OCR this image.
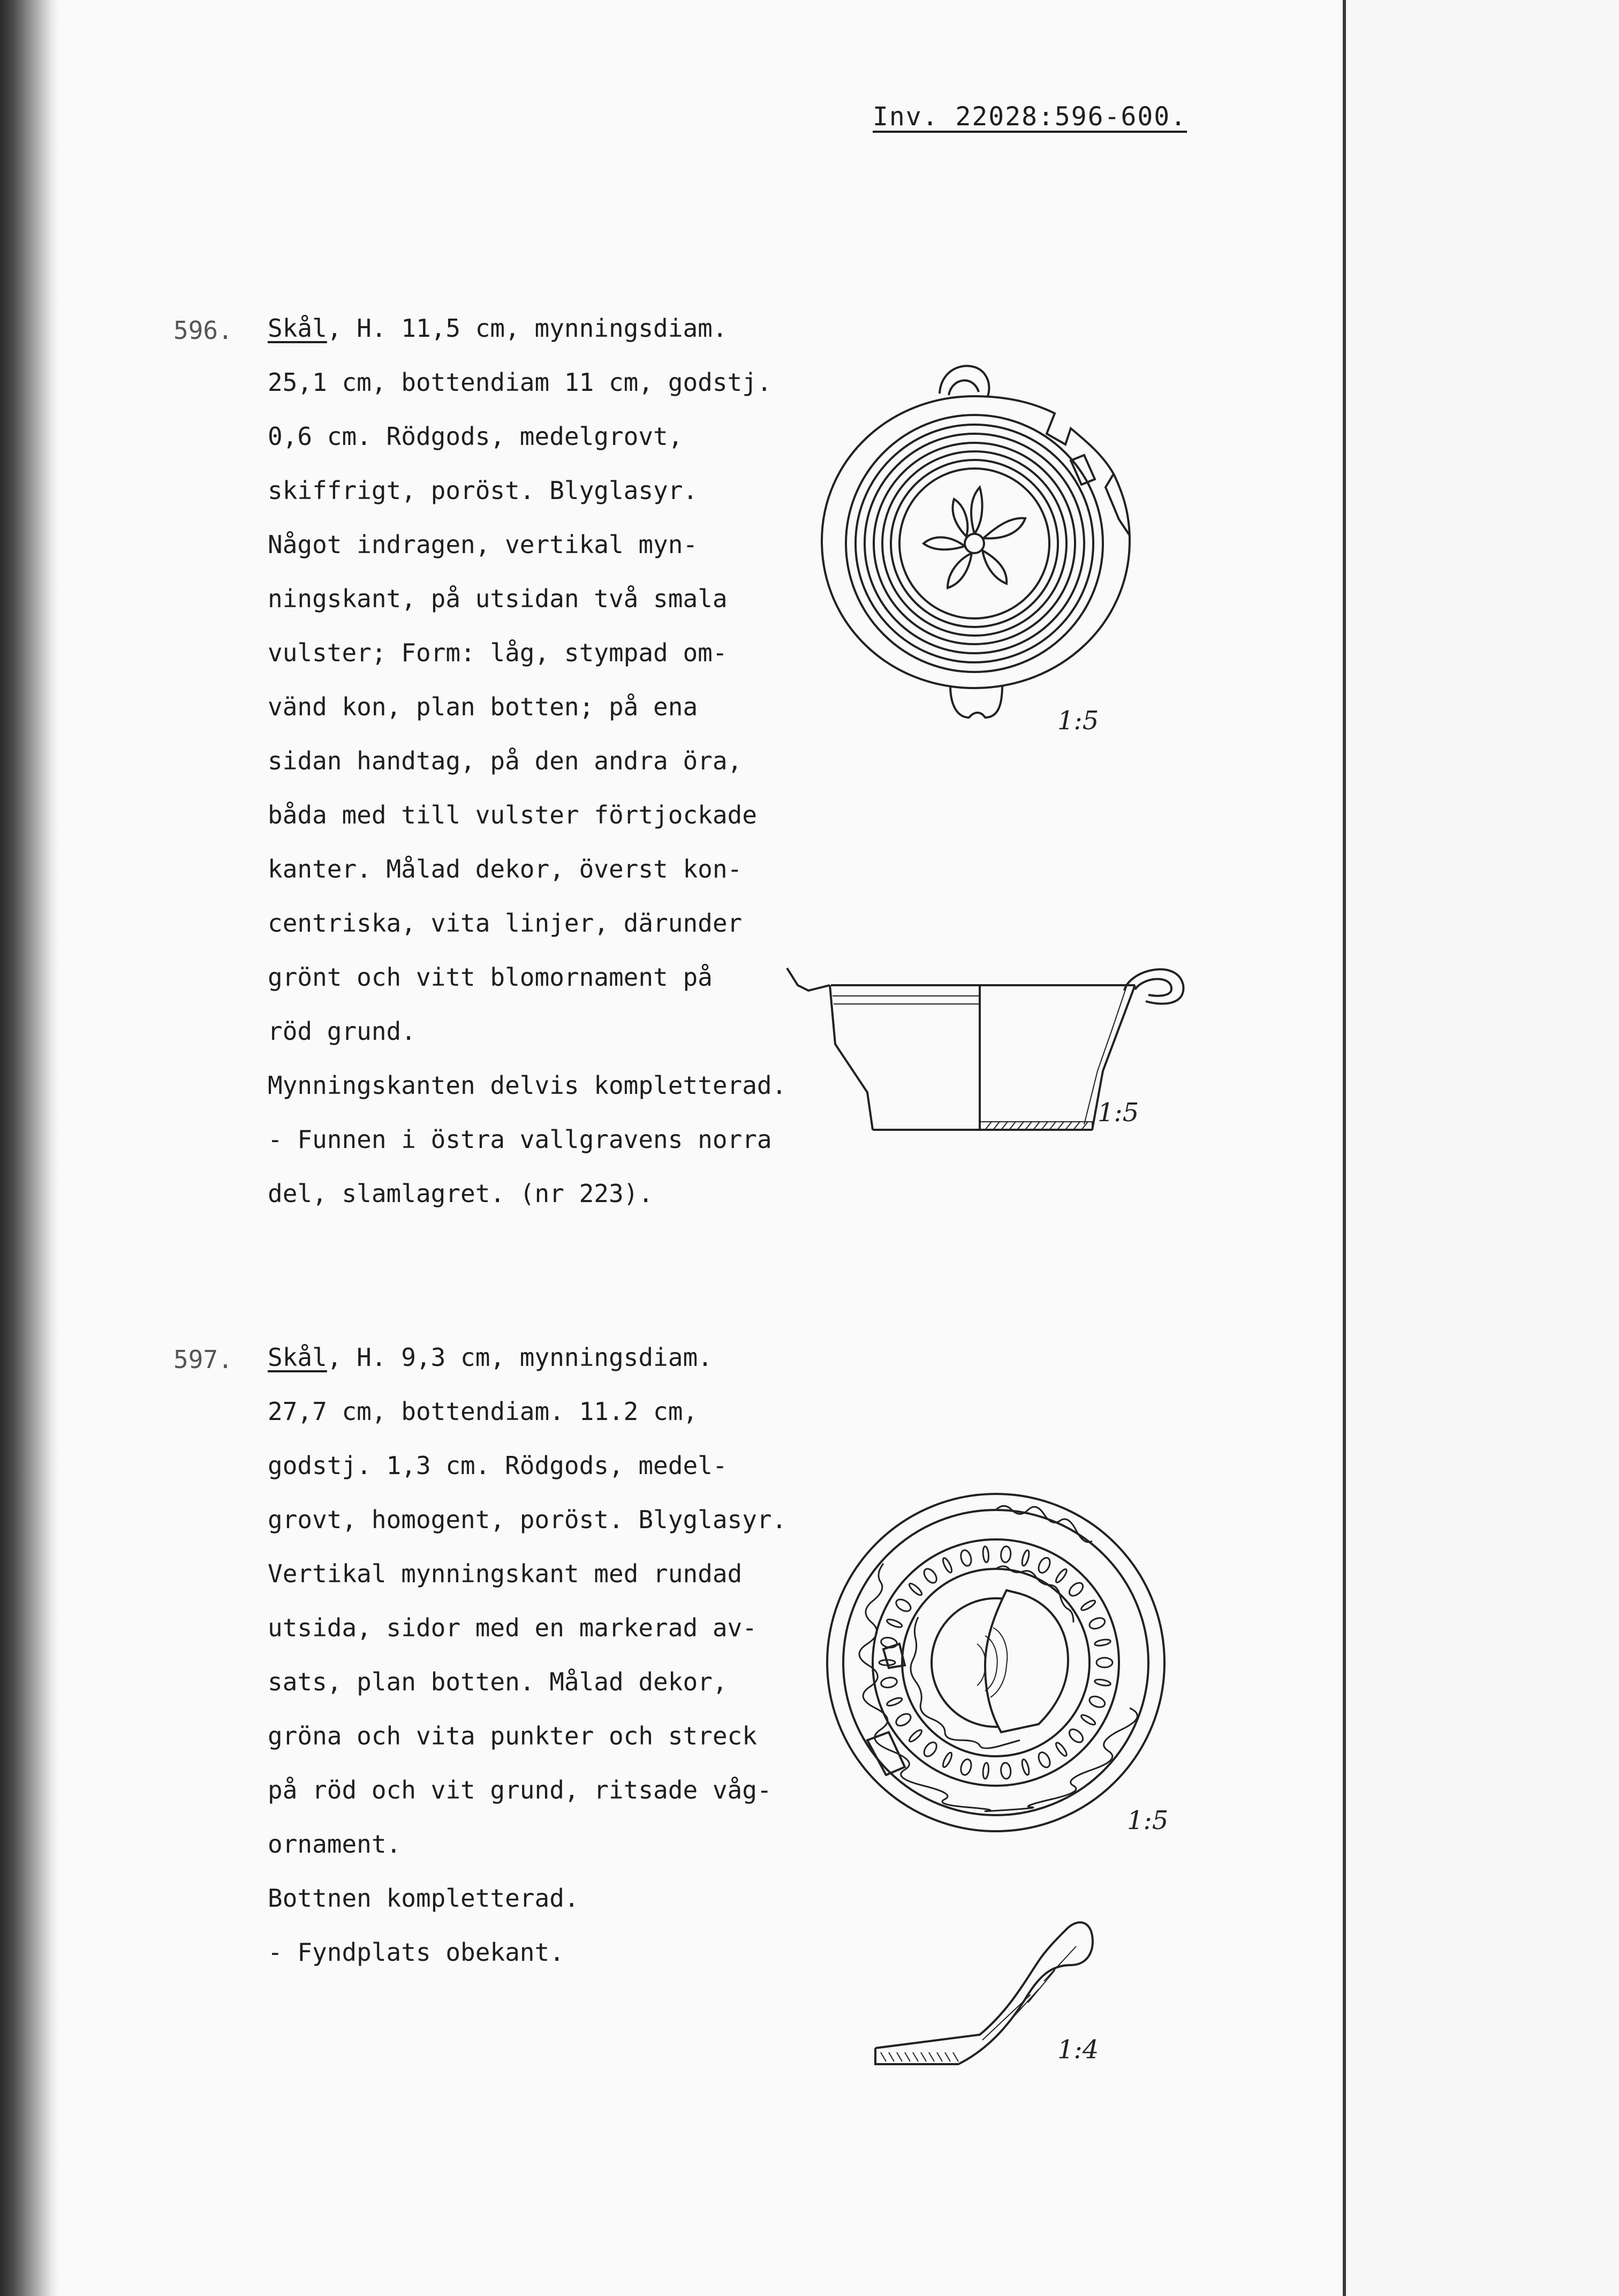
Inv. 22028:596-600.
596.	Skål, H. 11,5 cm, mynningsdiam.
25,1 cm, bottendiam 11 cm, godstj.
0,6 cm. Rödgods, medelgrovt,
skiffrigt, poröst. Blyglasyr.
Något indragen, vertikal myn-
ningskant, på utsidan två smala
vulster; Form: låg, stympad om-
vänd kon, plan botten; på ena
sidan handtag, på den andra öra,
båda med till vulster förtjockade
kanter. Målad dekor, överst kon-
centriska, vita linjer, därunder
grönt och vitt blomornament på
röd grund.
Mynningskanten delvis kompletterad.
- Funnen i östra vallgravens norra
del, slamlagret. (nr 223).
1:5
1:5
597.	Skål, H. 9,3 cm, mynningsdiam.
27,7 cm, bottendiam. 11.2 cm,
godstj. 1,3 cm. Rödgods, medel-
grovt, homogent, poröst. Blyglasyr.
Vertikal mynningskant med rundad
utsida, sidor med en markerad av-
sats, plan botten. Målad dekor,
gröna och vita punkter och streck
på röd och vit grund, ritsade våg-
ornament.
Bottnen kompletterad.
- Fyndplats obekant.
1:5
1:4
